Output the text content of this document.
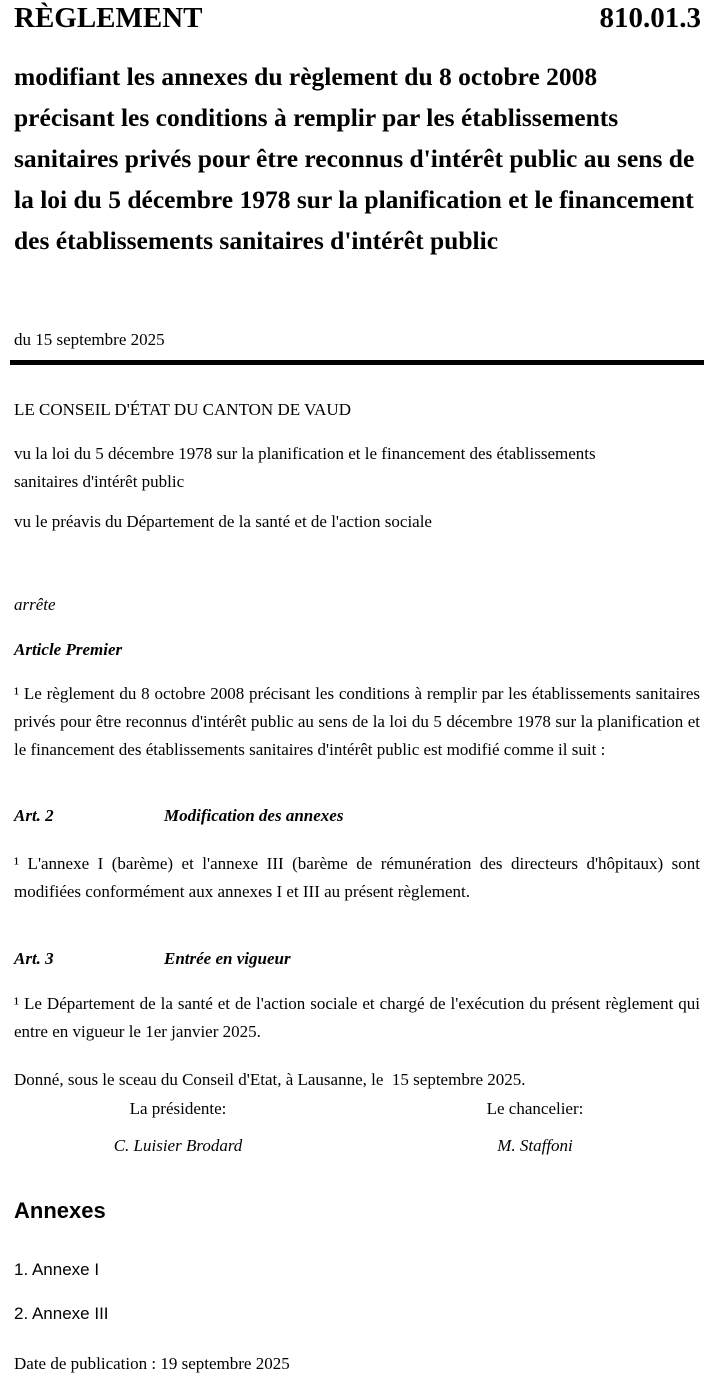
RÈGLEMENT	810.01.3
modifiant les annexes du règlement du 8 octobre 2008 précisant les conditions à remplir par les établissements sanitaires privés pour être reconnus d'intérêt public au sens de la loi du 5 décembre 1978 sur la planification et le financement des établissements sanitaires d'intérêt public
du 15 septembre 2025
LE CONSEIL D'ÉTAT DU CANTON DE VAUD
vu la loi du 5 décembre 1978 sur la planification et le financement des établissements sanitaires d'intérêt public
vu le préavis du Département de la santé et de l'action sociale
arrête
Article Premier
¹ Le règlement du 8 octobre 2008 précisant les conditions à remplir par les établissements sanitaires privés pour être reconnus d'intérêt public au sens de la loi du 5 décembre 1978 sur la planification et le financement des établissements sanitaires d'intérêt public est modifié comme il suit :
Art. 2	Modification des annexes
¹ L'annexe I (barème) et l'annexe III (barème de rémunération des directeurs d'hôpitaux) sont modifiées conformément aux annexes I et III au présent règlement.
Art. 3	Entrée en vigueur
¹ Le Département de la santé et de l'action sociale et chargé de l'exécution du présent règlement qui entre en vigueur le 1er janvier 2025.
Donné, sous le sceau du Conseil d'Etat, à Lausanne, le  15 septembre 2025.
La présidente:
C. Luisier Brodard
Le chancelier:
M. Staffoni
Annexes
1. Annexe I
2. Annexe III
Date de publication : 19 septembre 2025
